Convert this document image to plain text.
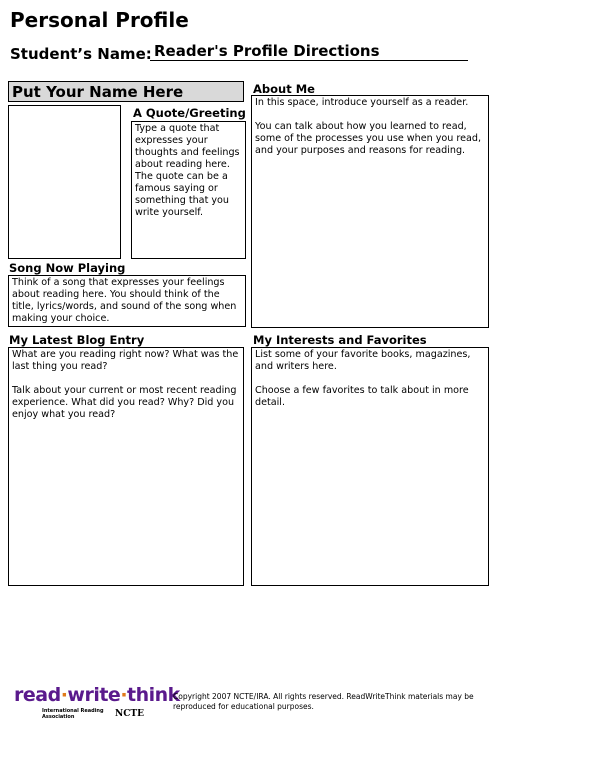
Personal Profile
Student’s Name: Reader's Profile Directions
Put Your Name Here
A Quote/Greeting

Type a quote that expresses your thoughts and feelings about reading here. The quote can be a famous saying or something that you write yourself.

About Me

In this space, introduce yourself as a reader.

You can talk about how you learned to read, some of the processes you use when you read, and your purposes and reasons for reading.

Song Now Playing

Think of a song that expresses your feelings about reading here. You should think of the title, lyrics/words, and sound of the song when making your choice.

My Latest Blog Entry

What are you reading right now? What was the last thing you read?

Talk about your current or most recent reading experience. What did you read? Why? Did you enjoy what you read?

My Interests and Favorites

List some of your favorite books, magazines, and writers here.

Choose a few favorites to talk about in more detail.

read·write·think
International Reading Association	NCTE
Copyright 2007 NCTE/IRA. All rights reserved. ReadWriteThink materials may be reproduced for educational purposes.
